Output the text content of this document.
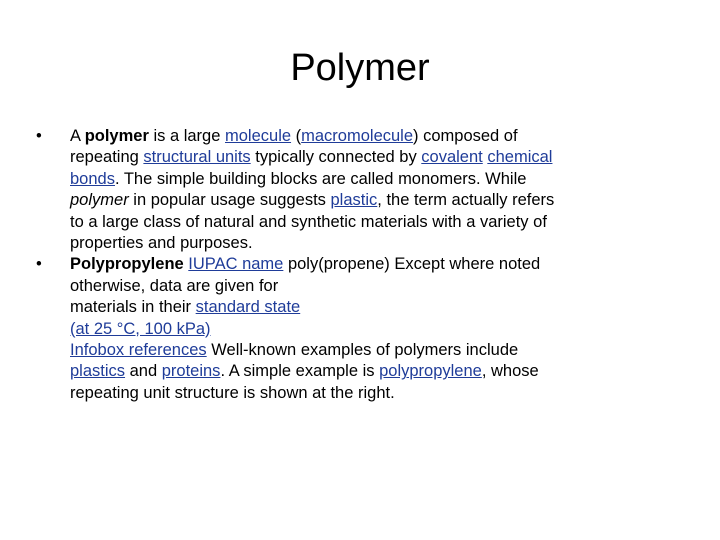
Polymer
• A polymer is a large molecule (macromolecule) composed of
repeating structural units typically connected by covalent chemical
bonds. The simple building blocks are called monomers. While
polymer in popular usage suggests plastic, the term actually refers
to a large class of natural and synthetic materials with a variety of
properties and purposes.
• Polypropylene IUPAC name poly(propene) Except where noted
otherwise, data are given for
materials in their standard state
(at 25 °C, 100 kPa)
Infobox references Well-known examples of polymers include
plastics and proteins. A simple example is polypropylene, whose
repeating unit structure is shown at the right.
